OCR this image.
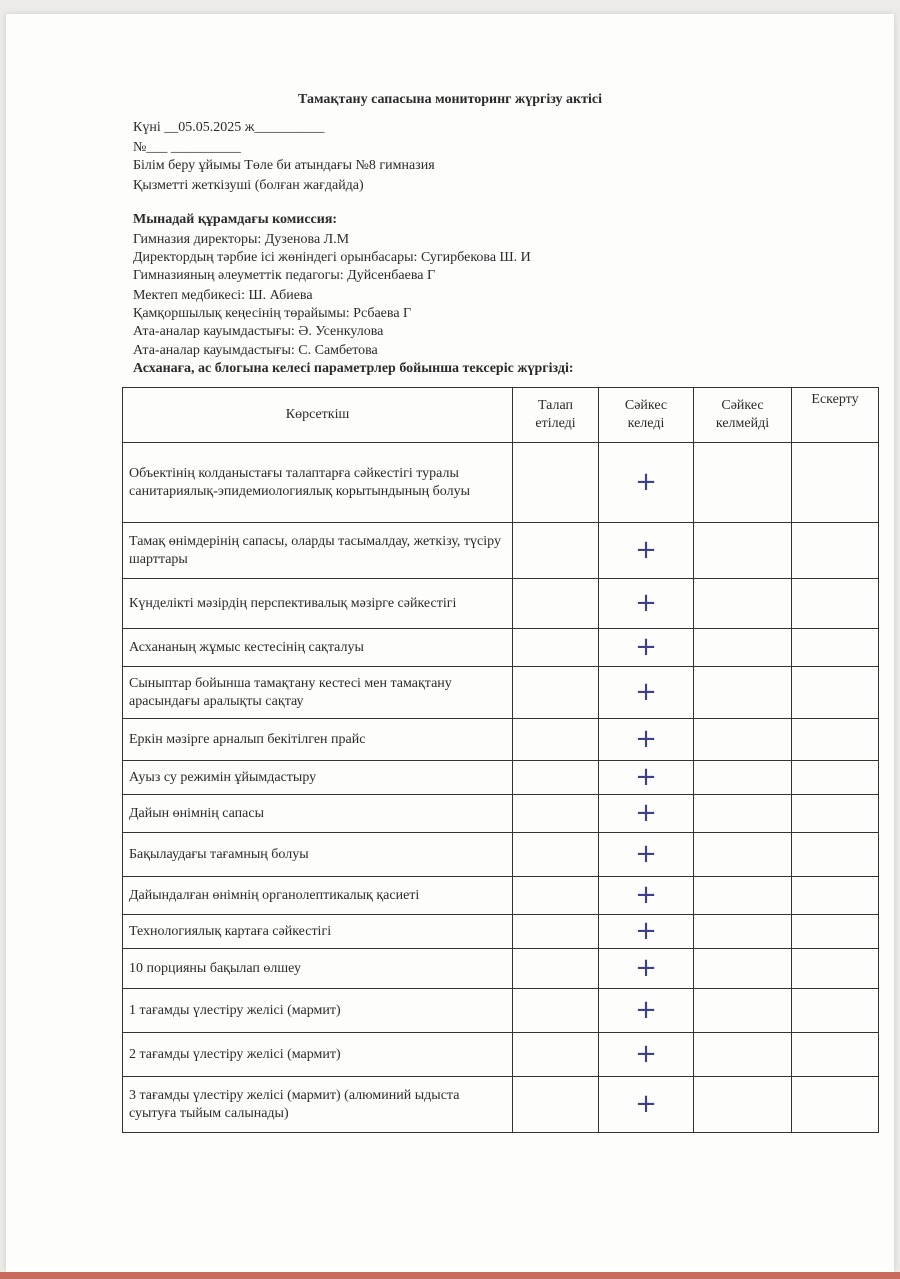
Тамақтану сапасына мониторинг жүргізу актісі
Күні __05.05.2025 ж__________
№___ __________
Білім беру ұйымы Төле би атындағы №8 гимназия
Қызметті жеткізуші (болған жағдайда)
Мынадай құрамдағы комиссия:
Гимназия директоры: Дузенова Л.М
Директордың тәрбие ісі жөніндегі орынбасары: Сугирбекова Ш. И
Гимназияның әлеуметтік педагогы: Дуйсенбаева Г
Мектеп медбикесі: Ш. Абиева
Қамқоршылық кеңесінің төрайымы: Рсбаева Г
Ата-аналар кауымдастығы: Ә. Усенкулова
Ата-аналар кауымдастығы: С. Самбетова
Асханаға, ас блогына келесі параметрлер бойынша тексеріс жүргізді:
Көрсеткіш	Талап етіледі	Сәйкес келеді	Сәйкес келмейді	Ескерту
Объектінің колданыстағы талаптарға сәйкестігі туралы санитариялық-эпидемиологиялық корытындының болуы		+		
Тамақ өнімдерінің сапасы, оларды тасымалдау, жеткізу, түсіру шарттары		+		
Күнделікті мәзірдің перспективалық мәзірге сәйкестігі		+		
Асхананың жұмыс кестесінің сақталуы		+		
Сыныптар бойынша тамақтану кестесі мен тамақтану арасындағы аралықты сақтау		+		
Еркін мәзірге арналып бекітілген прайс		+		
Ауыз су режимін ұйымдастыру		+		
Дайын өнімнің сапасы		+		
Бақылаудағы тағамның болуы		+		
Дайындалған өнімнің органолептикалық қасиеті		+		
Технологиялық картаға сәйкестігі		+		
10 порцияны бақылап өлшеу		+		
1 тағамды үлестіру желісі (мармит)		+		
2 тағамды үлестіру желісі (мармит)		+		
3 тағамды үлестіру желісі (мармит) (алюминий ыдыста суытуға тыйым салынады)		+		
